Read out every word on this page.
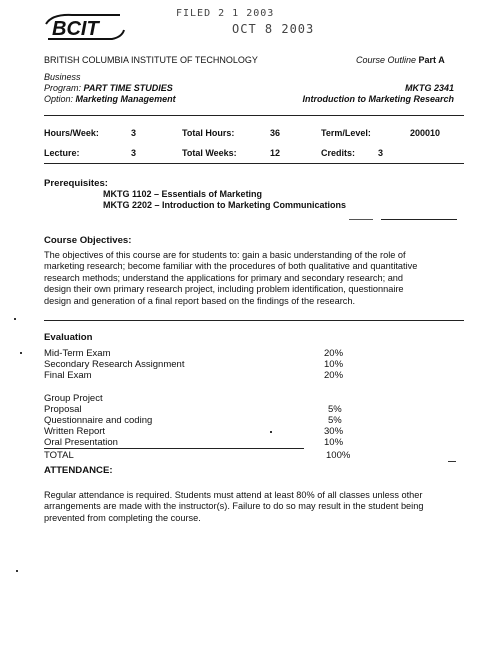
BCIT
FILED 2 1 2003
OCT 8 2003
BRITISH COLUMBIA INSTITUTE OF TECHNOLOGY	Course Outline Part A
Business
Program: PART TIME STUDIES	MKTG 2341
Option: Marketing Management	Introduction to Marketing Research
Hours/Week:	3	Total Hours:	36	Term/Level:	200010
Lecture:	3	Total Weeks:	12	Credits:	3
Prerequisites:
MKTG 1102 – Essentials of Marketing
MKTG 2202 – Introduction to Marketing Communications
Course Objectives:
The objectives of this course are for students to: gain a basic understanding of the role of
marketing research; become familiar with the procedures of both qualitative and quantitative
research methods; understand the applications for primary and secondary research; and
design their own primary research project, including problem identification, questionnaire
design and generation of a final report based on the findings of the research.
Evaluation
Mid-Term Exam	20%
Secondary Research Assignment	10%
Final Exam	20%
Group Project
Proposal	5%
Questionnaire and coding	5%
Written Report	30%
Oral Presentation	10%
TOTAL	100%
ATTENDANCE:
Regular attendance is required. Students must attend at least 80% of all classes unless other
arrangements are made with the instructor(s). Failure to do so may result in the student being
prevented from completing the course.
